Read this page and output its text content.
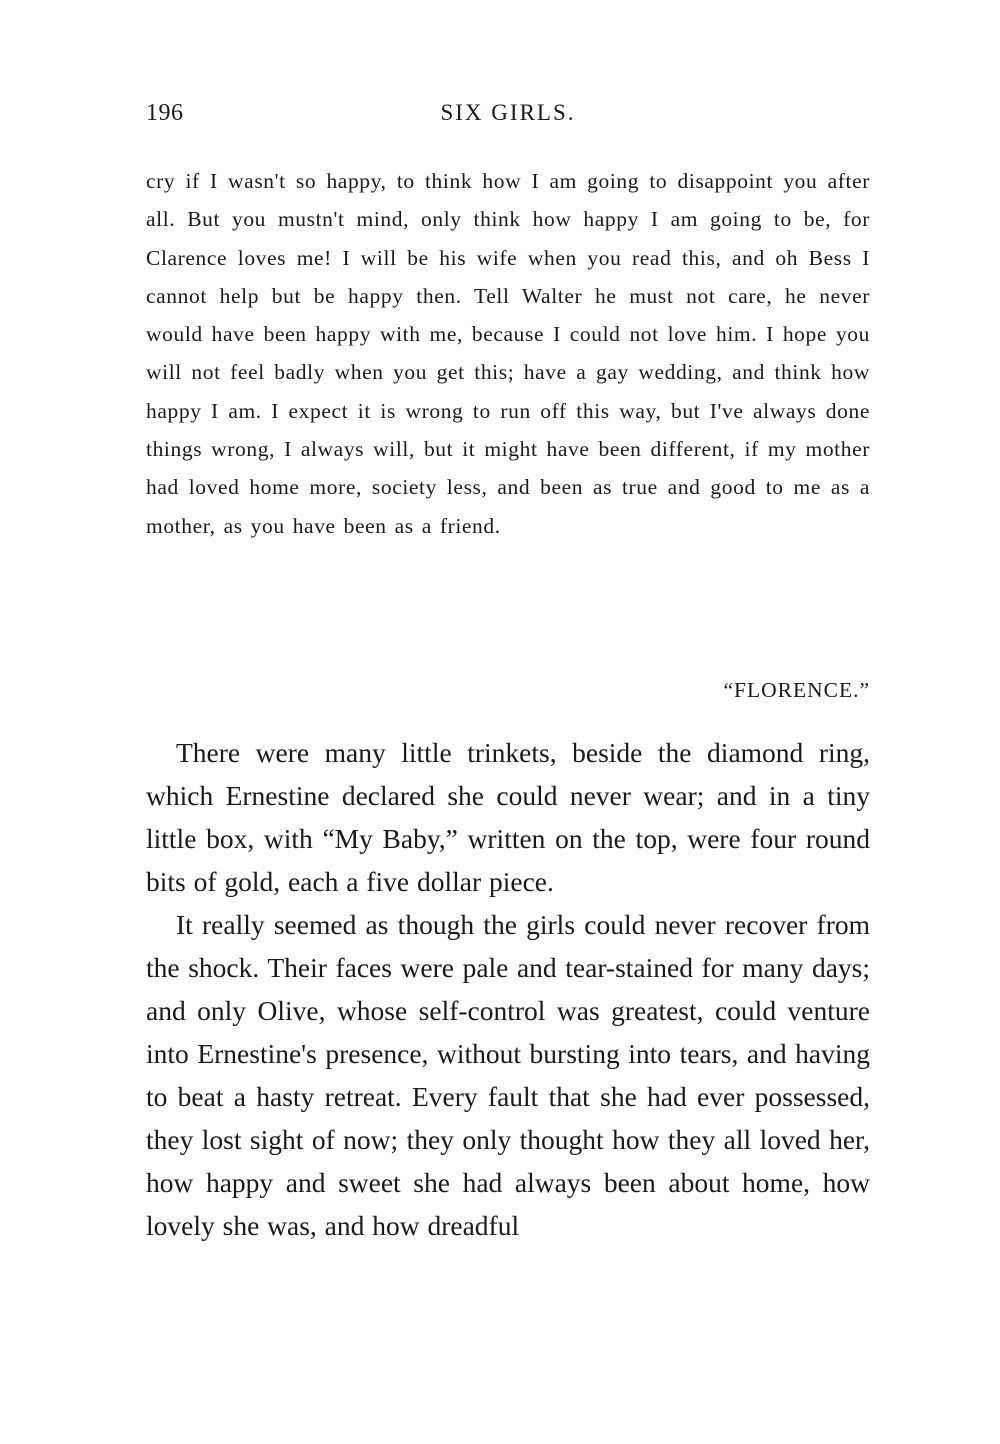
196	SIX GIRLS.

cry if I wasn't so happy, to think how I am going to disappoint you after all. But you mustn't mind, only think how happy I am going to be, for Clarence loves me! I will be his wife when you read this, and oh Bess I cannot help but be happy then. Tell Walter he must not care, he never would have been happy with me, because I could not love him. I hope you will not feel badly when you get this; have a gay wedding, and think how happy I am. I expect it is wrong to run off this way, but I've always done things wrong, I always will, but it might have been different, if my mother had loved home more, society less, and been as true and good to me as a mother, as you have been as a friend.

“FLORENCE.”

There were many little trinkets, beside the diamond ring, which Ernestine declared she could never wear; and in a tiny little box, with “My Baby,” written on the top, were four round bits of gold, each a five dollar piece.

It really seemed as though the girls could never recover from the shock. Their faces were pale and tear-stained for many days; and only Olive, whose self-control was greatest, could venture into Ernestine's presence, without bursting into tears, and having to beat a hasty retreat. Every fault that she had ever possessed, they lost sight of now; they only thought how they all loved her, how happy and sweet she had always been about home, how lovely she was, and how dreadful
